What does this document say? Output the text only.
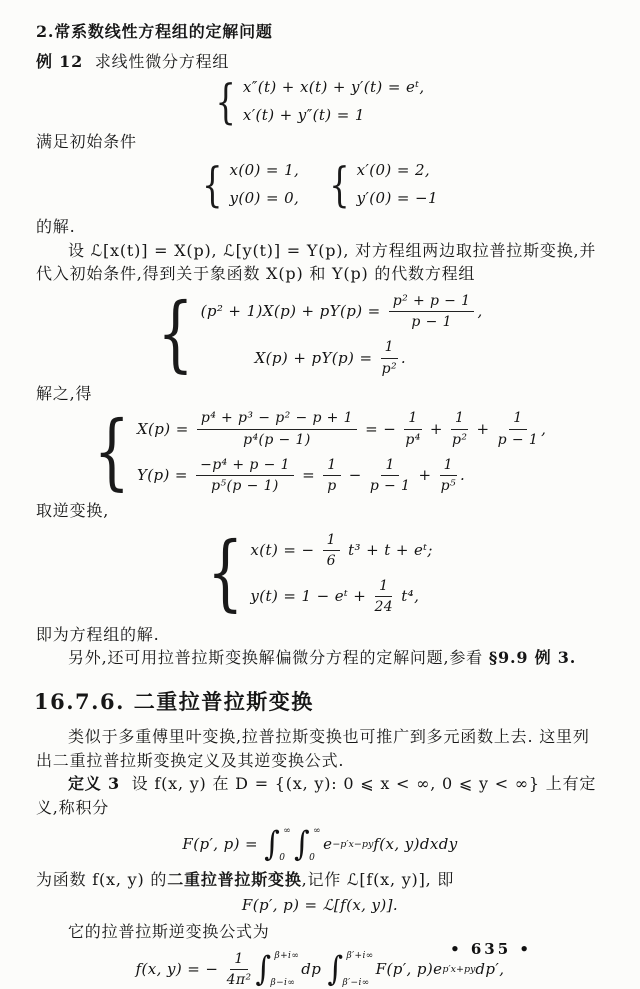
2.常系数线性方程组的定解问题

例 12  求线性微分方程组

{ x″(t) + x(t) + y′(t) = eᵗ,
x′(t) + y″(t) = 1

满足初始条件

{ x(0) = 1,
y(0) = 0, { x′(0) = 2,
y′(0) = −1

的解.

设 ℒ[x(t)] = X(p), ℒ[y(t)] = Y(p), 对方程组两边取拉普拉斯变换,并代入初始条件,得到关于象函数 X(p) 和 Y(p) 的代数方程组

{ $(p^2 + 1)X(p) + pY(p) = \frac{\text{p² + p − 1}}{p - 1}$ ,
$X(p) + pY(p) = \frac{1}{\text{p²}}$ .

解之,得

{ $X(p) = \frac{\text{p⁴ + p³ − p² − p + 1}}{\text{p⁴(p − 1)}}$ = − $\frac{1}{\text{p⁴}} + \frac{1}{\text{p²}} + \frac{1}{p - 1}$ ,
$Y(p) = \frac{\text{−p⁴ + p − 1}}{\text{p⁵(p − 1)}} = \frac{1}{p} - \frac{1}{p - 1} + \frac{1}{\text{p⁵}}$ .

取逆变换,

{ x(t) = − $\frac{1}{6} t^3 + t$ + eᵗ;
y(t) = 1 − eᵗ + $\frac{1}{24} t^4$,

即为方程组的解.

另外,还可用拉普拉斯变换解偏微分方程的定解问题,参看 §9.9 例 3.

16.7.6. 二重拉普拉斯变换

类似于多重傅里叶变换,拉普拉斯变换也可推广到多元函数上去. 这里列出二重拉普拉斯变换定义及其逆变换公式.

定义 3  设 f(x, y) 在 D = {(x, y): 0 ⩽ x < ∞, 0 ⩽ y < ∞} 上有定义,称积分

F(p′, p) = ∫ ∞
0 ∫ ∞
0
e −p′x−py f(x, y)dxdy

为函数 f(x, y) 的二重拉普拉斯变换,记作 ℒ[f(x, y)], 即

F(p′, p) = ℒ[f(x, y)].

它的拉普拉斯逆变换公式为

f(x, y) = − $\frac{1}{\text{4π²}}$ ∫ β+i∞
β−i∞
dp ∫ β′+i∞
β′−i∞
F(p′, p)e p′x+py dp′,
• 635 •
